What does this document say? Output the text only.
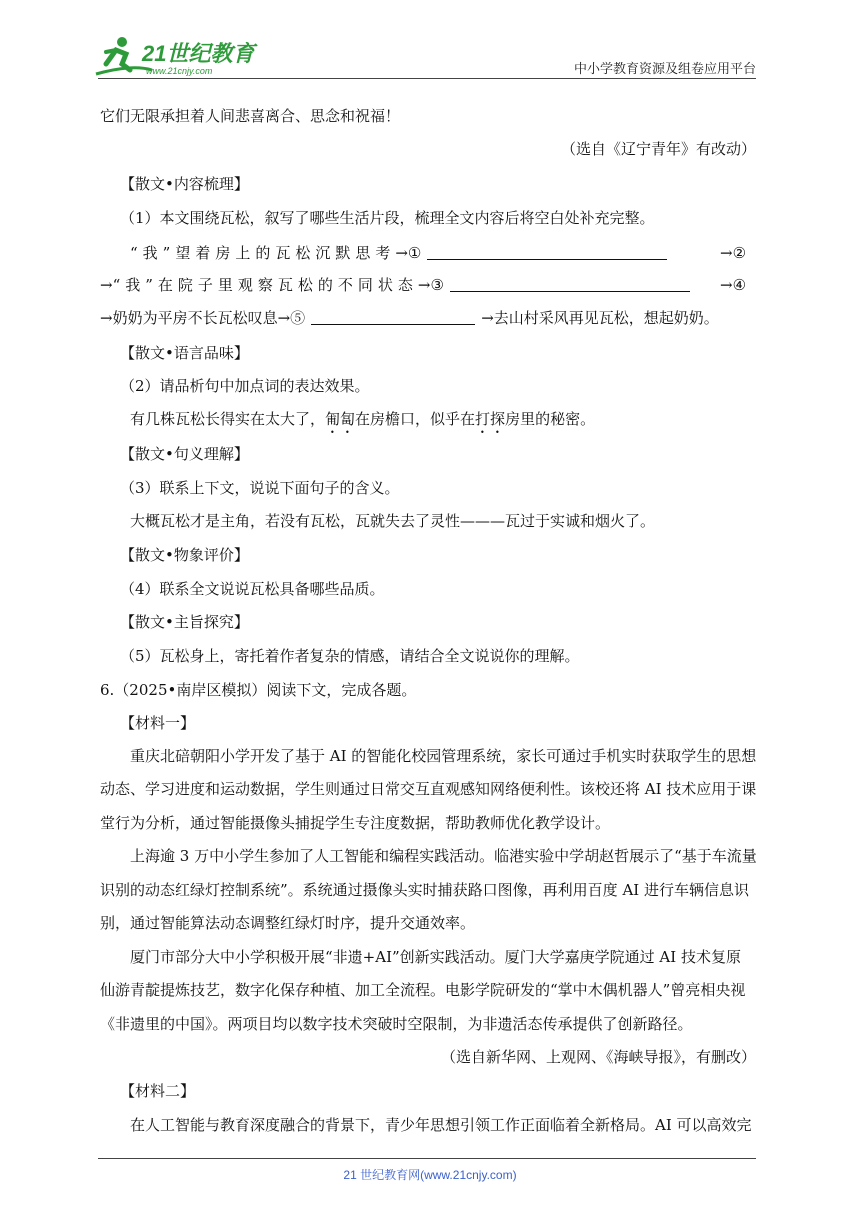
21世纪教育
www.21cnjy.com	中小学教育资源及组卷应用平台
它们无限承担着人间悲喜离合、思念和祝福！
（选自《辽宁青年》有改动）
【散文•内容梳理】
（1）本文围绕瓦松，叙写了哪些生活片段，梳理全文内容后将空白处补充完整。
“我”望着房上的瓦松沉默思考→①	→②
→“我”在院子里观察瓦松的不同状态→③	→④
→奶奶为平房不长瓦松叹息→⑤	→去山村采风再见瓦松，想起奶奶。
【散文•语言品味】
（2）请品析句中加点词的表达效果。
有几株瓦松长得实在太大了，匍匐在房檐口，似乎在打探房里的秘密。
【散文•句义理解】
（3）联系上下文，说说下面句子的含义。
大概瓦松才是主角，若没有瓦松，瓦就失去了灵性———瓦过于实诚和烟火了。
【散文•物象评价】
（4）联系全文说说瓦松具备哪些品质。
【散文•主旨探究】
（5）瓦松身上，寄托着作者复杂的情感，请结合全文说说你的理解。
6.（2025•南岸区模拟）阅读下文，完成各题。
【材料一】
重庆北碚朝阳小学开发了基于 AI 的智能化校园管理系统，家长可通过手机实时获取学生的思想
动态、学习进度和运动数据，学生则通过日常交互直观感知网络便利性。该校还将 AI 技术应用于课
堂行为分析，通过智能摄像头捕捉学生专注度数据，帮助教师优化教学设计。
上海逾 3 万中小学生参加了人工智能和编程实践活动。临港实验中学胡赵哲展示了“基于车流量
识别的动态红绿灯控制系统”。系统通过摄像头实时捕获路口图像，再利用百度 AI 进行车辆信息识
别，通过智能算法动态调整红绿灯时序，提升交通效率。
厦门市部分大中小学积极开展“非遗+AI”创新实践活动。厦门大学嘉庚学院通过 AI 技术复原
仙游青靛提炼技艺，数字化保存种植、加工全流程。电影学院研发的“掌中木偶机器人”曾亮相央视
《非遗里的中国》。两项目均以数字技术突破时空限制，为非遗活态传承提供了创新路径。
（选自新华网、上观网、《海峡导报》，有删改）
【材料二】
在人工智能与教育深度融合的背景下，青少年思想引领工作正面临着全新格局。AI 可以高效完
21 世纪教育网(www.21cnjy.com)
